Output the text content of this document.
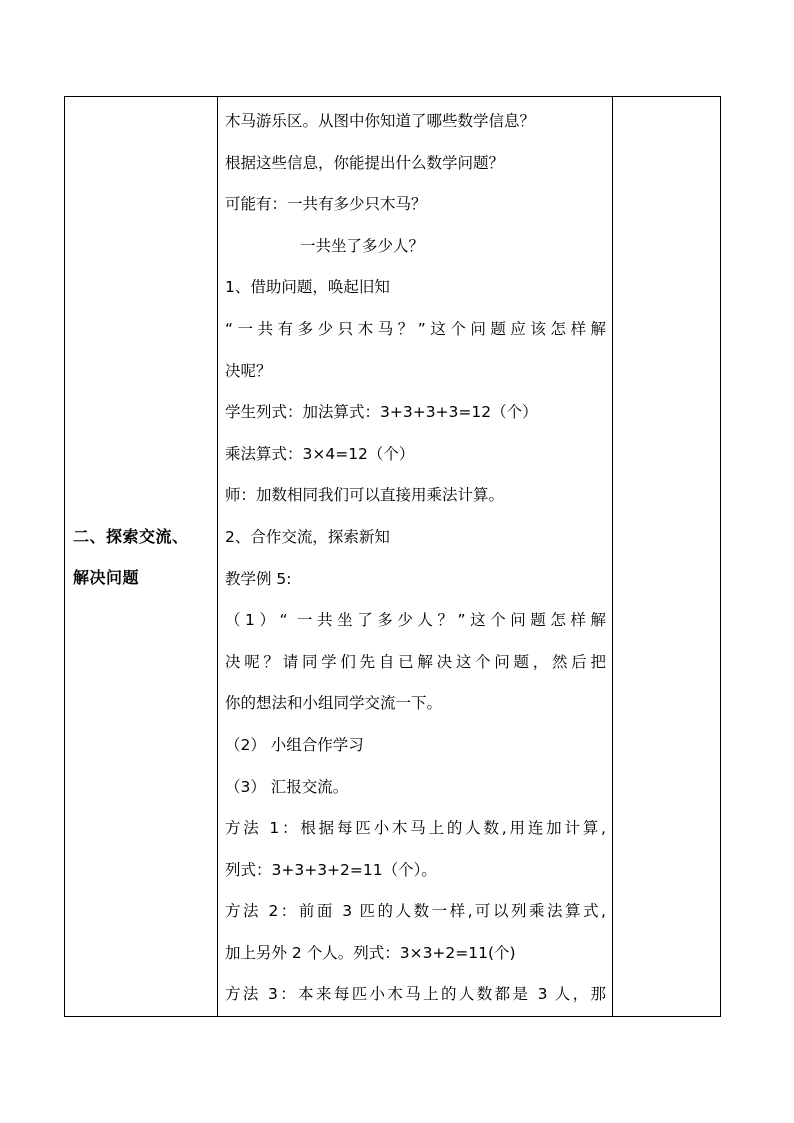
二、探索交流、
解决问题

木马游乐区。从图中你知道了哪些数学信息？
根据这些信息，你能提出什么数学问题？
可能有：一共有多少只木马？
一共坐了多少人？
1、借助问题，唤起旧知
“一共有多少只木马？”这个问题应该怎样解
决呢？
学生列式：加法算式：3+3+3+3=12（个）
乘法算式：3×4=12（个）
师：加数相同我们可以直接用乘法计算。
2、合作交流，探索新知
教学例 5:
（1）“ 一共坐了多少人？”这个问题怎样解
决呢？请同学们先自已解决这个问题，然后把
你的想法和小组同学交流一下。
（2） 小组合作学习
（3） 汇报交流。
方法 1：根据每匹小木马上的人数,用连加计算,
列式：3+3+3+2=11（个）。
方法 2：前面 3 匹的人数一样,可以列乘法算式,
加上另外 2 个人。列式：3×3+2=11(个)
方法 3：本来每匹小木马上的人数都是 3 人，那
